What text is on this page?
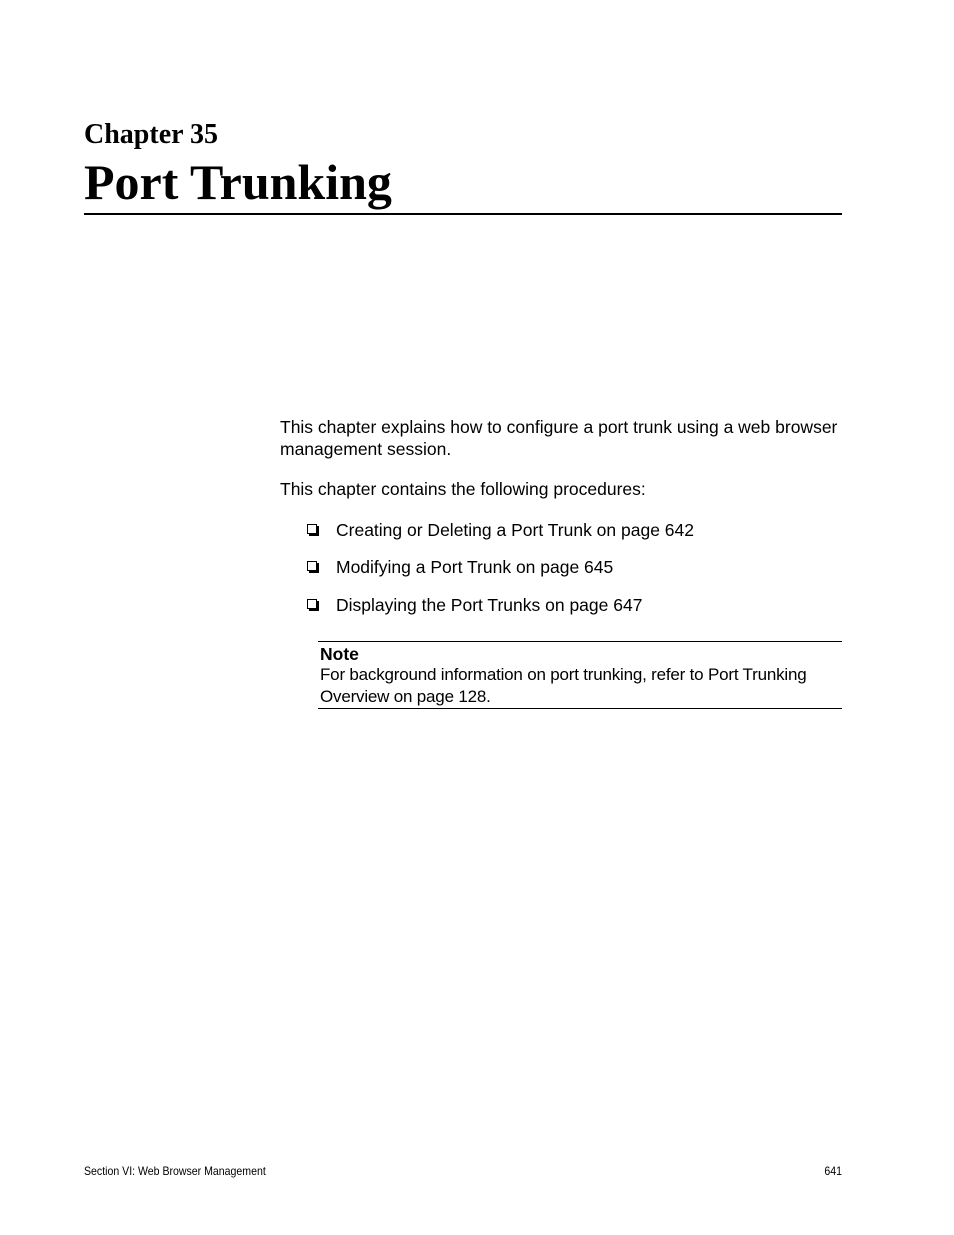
Chapter 35
Port Trunking

This chapter explains how to configure a port trunk using a web browser management session.

This chapter contains the following procedures:

Creating or Deleting a Port Trunk on page 642
Modifying a Port Trunk on page 645
Displaying the Port Trunks on page 647
Note
For background information on port trunking, refer to Port Trunking Overview on page 128.
Section VI: Web Browser Management	641
